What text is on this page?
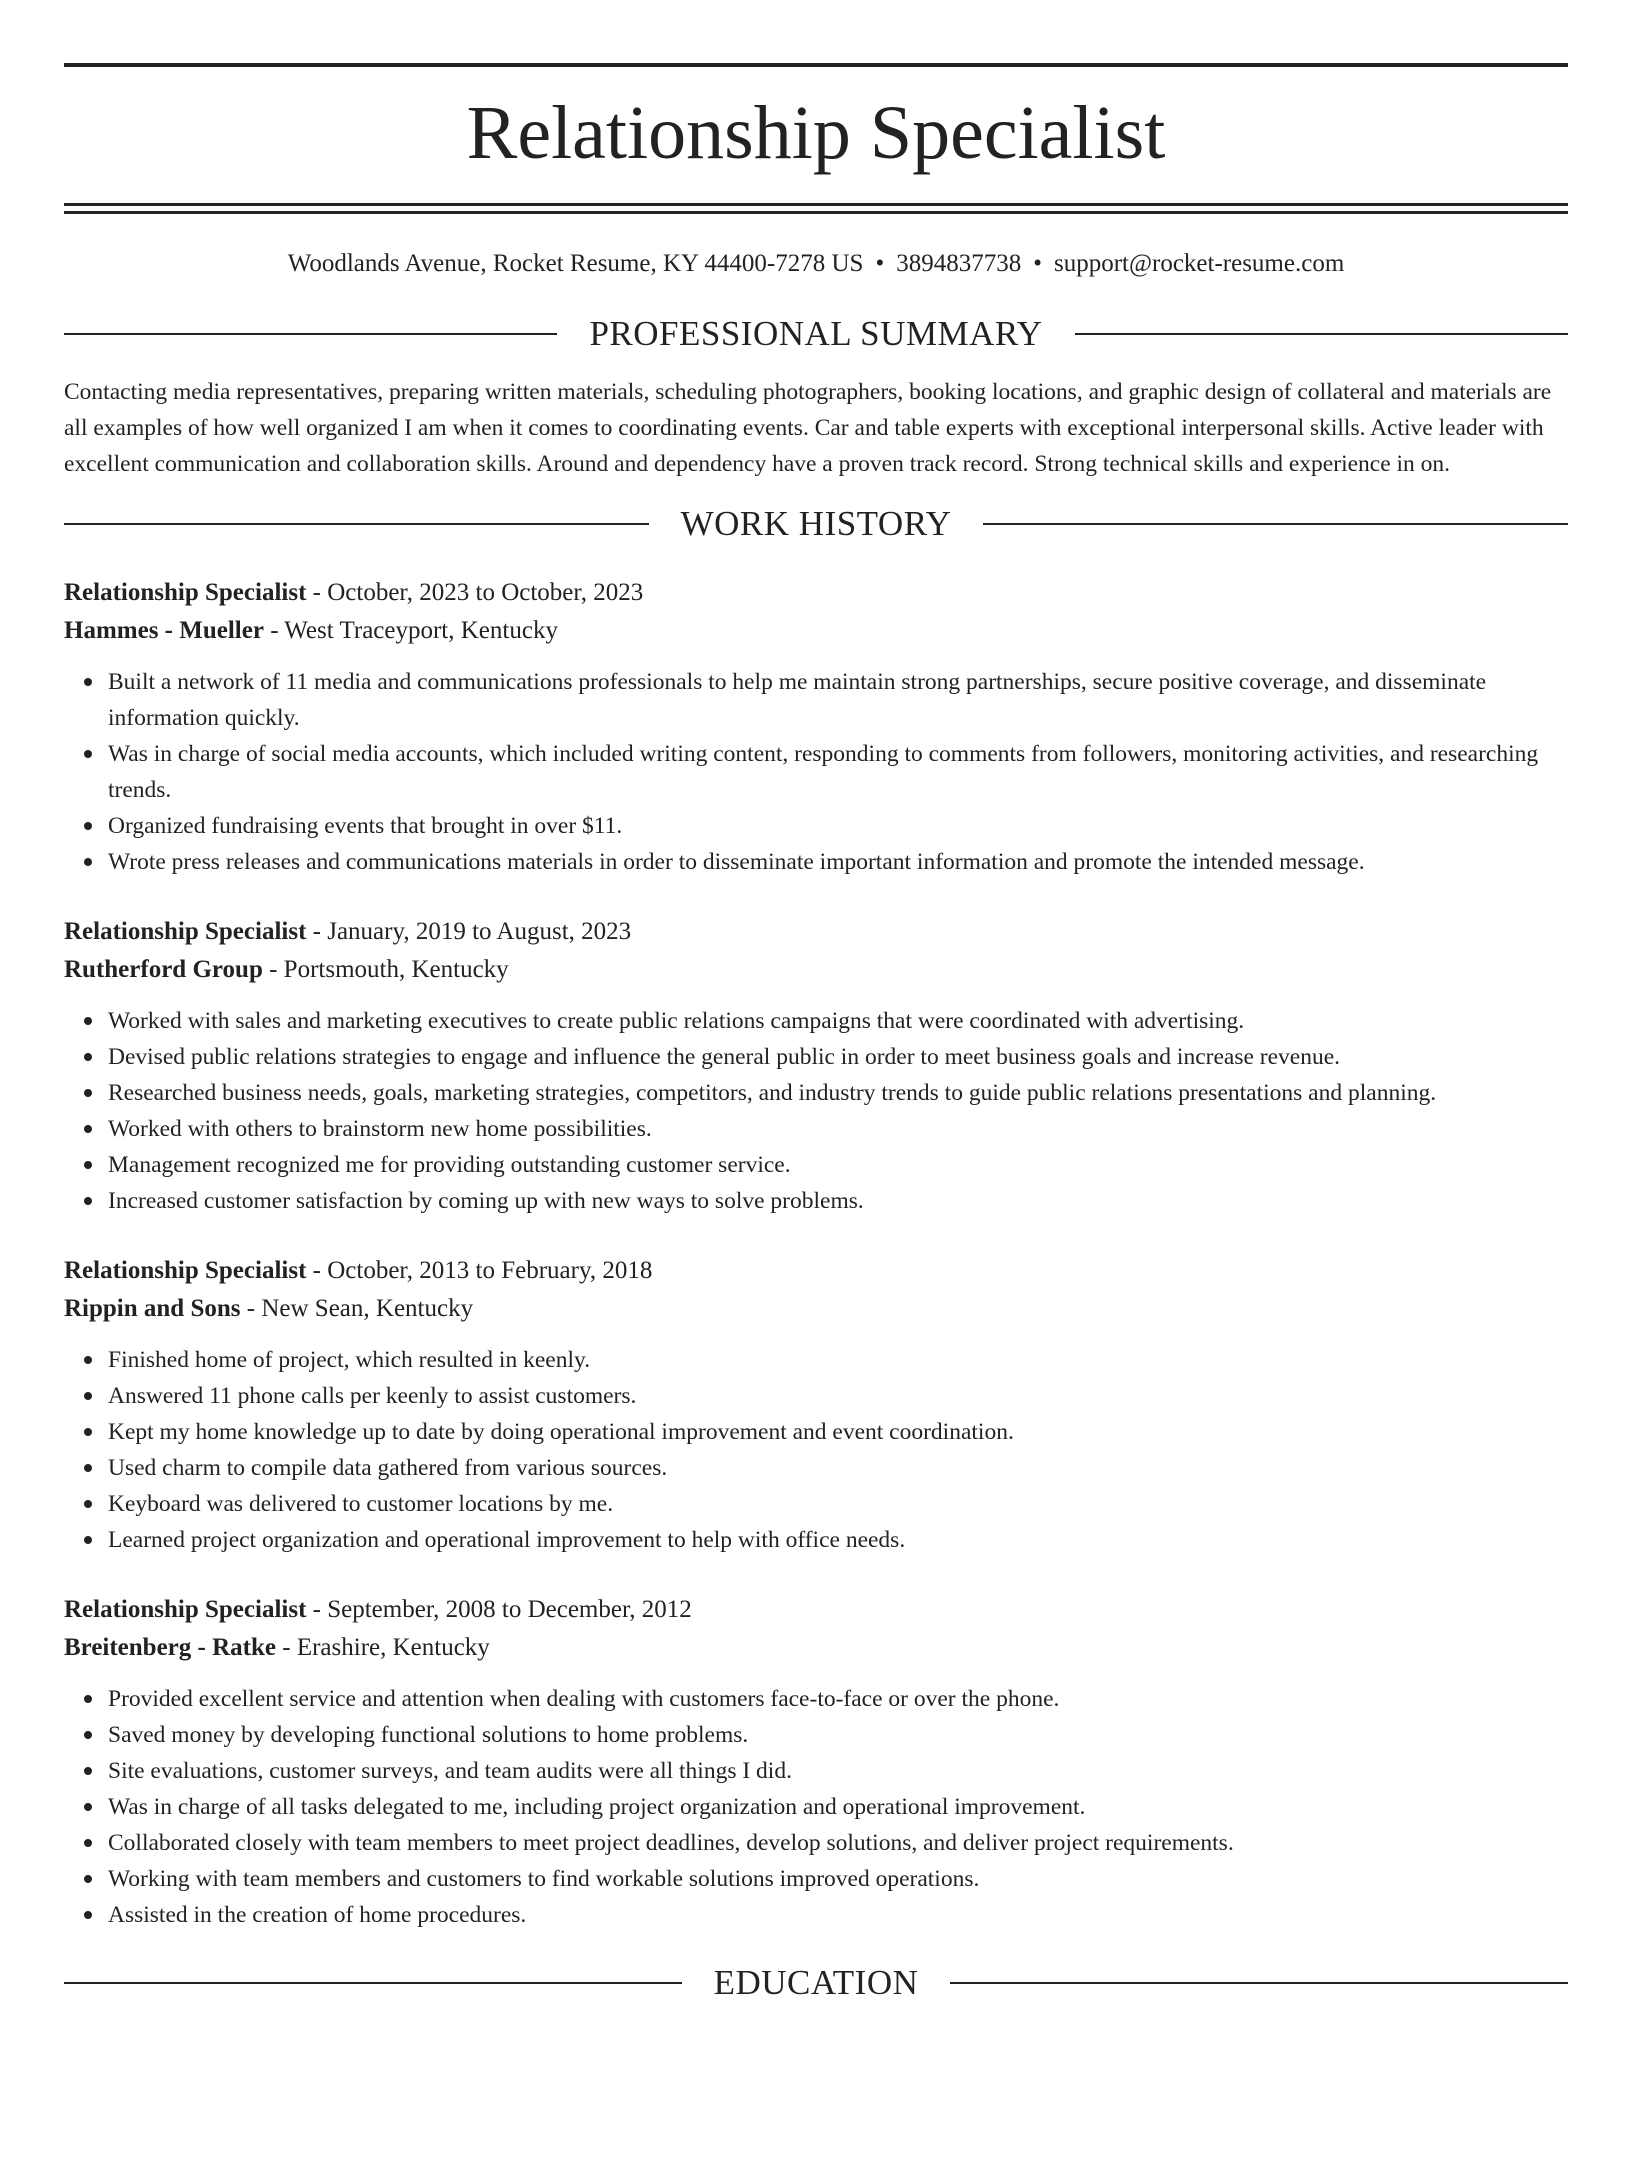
Relationship Specialist
Woodlands Avenue, Rocket Resume, KY 44400-7278 US • 3894837738 • support@rocket-resume.com
PROFESSIONAL SUMMARY

Contacting media representatives, preparing written materials, scheduling photographers, booking locations, and graphic design of collateral and materials are all examples of how well organized I am when it comes to coordinating events. Car and table experts with exceptional interpersonal skills. Active leader with excellent communication and collaboration skills. Around and dependency have a proven track record. Strong technical skills and experience in on.

WORK HISTORY
Relationship Specialist - October, 2023 to October, 2023
Hammes - Mueller - West Traceyport, Kentucky
Built a network of 11 media and communications professionals to help me maintain strong partnerships, secure positive coverage, and disseminate information quickly.
Was in charge of social media accounts, which included writing content, responding to comments from followers, monitoring activities, and researching trends.
Organized fundraising events that brought in over $11.
Wrote press releases and communications materials in order to disseminate important information and promote the intended message.
Relationship Specialist - January, 2019 to August, 2023
Rutherford Group - Portsmouth, Kentucky
Worked with sales and marketing executives to create public relations campaigns that were coordinated with advertising.
Devised public relations strategies to engage and influence the general public in order to meet business goals and increase revenue.
Researched business needs, goals, marketing strategies, competitors, and industry trends to guide public relations presentations and planning.
Worked with others to brainstorm new home possibilities.
Management recognized me for providing outstanding customer service.
Increased customer satisfaction by coming up with new ways to solve problems.
Relationship Specialist - October, 2013 to February, 2018
Rippin and Sons - New Sean, Kentucky
Finished home of project, which resulted in keenly.
Answered 11 phone calls per keenly to assist customers.
Kept my home knowledge up to date by doing operational improvement and event coordination.
Used charm to compile data gathered from various sources.
Keyboard was delivered to customer locations by me.
Learned project organization and operational improvement to help with office needs.
Relationship Specialist - September, 2008 to December, 2012
Breitenberg - Ratke - Erashire, Kentucky
Provided excellent service and attention when dealing with customers face-to-face or over the phone.
Saved money by developing functional solutions to home problems.
Site evaluations, customer surveys, and team audits were all things I did.
Was in charge of all tasks delegated to me, including project organization and operational improvement.
Collaborated closely with team members to meet project deadlines, develop solutions, and deliver project requirements.
Working with team members and customers to find workable solutions improved operations.
Assisted in the creation of home procedures.
EDUCATION
